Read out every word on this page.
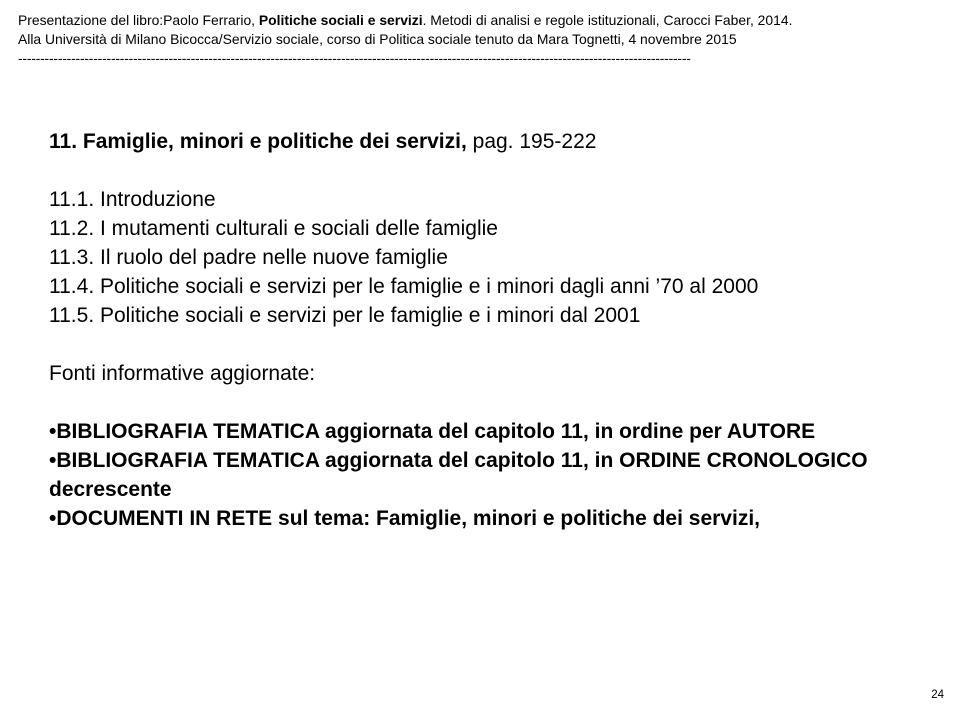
Presentazione del libro:Paolo Ferrario, Politiche sociali e servizi. Metodi di analisi e regole istituzionali, Carocci Faber, 2014.
Alla Università di Milano Bicocca/Servizio sociale, corso di Politica sociale tenuto da Mara Tognetti, 4 novembre 2015
--------------------------------------------------------------------------------------------------------------------------------------------------------
11. Famiglie, minori e politiche dei servizi, pag. 195-222
11.1. Introduzione
11.2. I mutamenti culturali e sociali delle famiglie
11.3. Il ruolo del padre nelle nuove famiglie
11.4. Politiche sociali e servizi per le famiglie e i minori dagli anni ’70 al 2000
11.5. Politiche sociali e servizi per le famiglie e i minori dal 2001
Fonti informative aggiornate:
•BIBLIOGRAFIA TEMATICA aggiornata del capitolo 11, in ordine per AUTORE
•BIBLIOGRAFIA TEMATICA aggiornata del capitolo 11, in ORDINE CRONOLOGICO decrescente
•DOCUMENTI IN RETE sul tema: Famiglie, minori e politiche dei servizi,
24
